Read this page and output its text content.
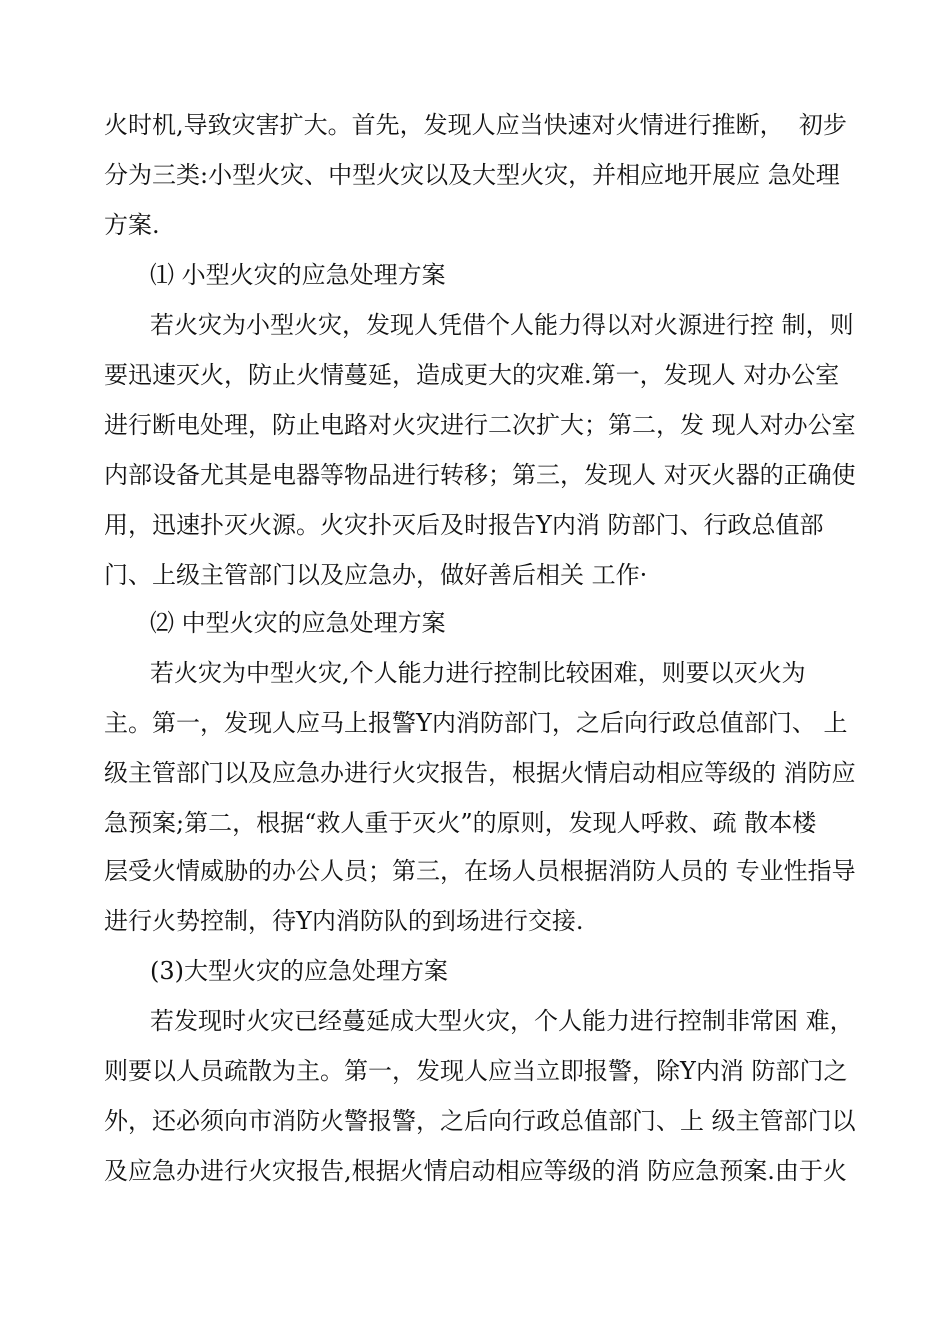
火时机,导致灾害扩大。首先，发现人应当快速对火情进行推断，  初步
分为三类:小型火灾、中型火灾以及大型火灾，并相应地开展应 急处理
方案.
⑴ 小型火灾的应急处理方案
若火灾为小型火灾，发现人凭借个人能力得以对火源进行控 制，则
要迅速灭火，防止火情蔓延，造成更大的灾难.第一，发现人 对办公室
进行断电处理，防止电路对火灾进行二次扩大；第二，发 现人对办公室
内部设备尤其是电器等物品进行转移；第三，发现人 对灭火器的正确使
用，迅速扑灭火源。火灾扑灭后及时报告Y内消 防部门、行政总值部
门、上级主管部门以及应急办，做好善后相关 工作·
⑵ 中型火灾的应急处理方案
若火灾为中型火灾,个人能力进行控制比较困难，则要以灭火为
主。第一，发现人应马上报警Y内消防部门，之后向行政总值部门、 上
级主管部门以及应急办进行火灾报告，根据火情启动相应等级的 消防应
急预案;第二，根据“救人重于灭火”的原则，发现人呼救、疏 散本楼
层受火情威胁的办公人员；第三，在场人员根据消防人员的 专业性指导
进行火势控制，待Y内消防队的到场进行交接.
(3)大型火灾的应急处理方案
若发现时火灾已经蔓延成大型火灾，个人能力进行控制非常困 难，
则要以人员疏散为主。第一，发现人应当立即报警，除Y内消 防部门之
外，还必须向市消防火警报警，之后向行政总值部门、上 级主管部门以
及应急办进行火灾报告,根据火情启动相应等级的消 防应急预案.由于火
